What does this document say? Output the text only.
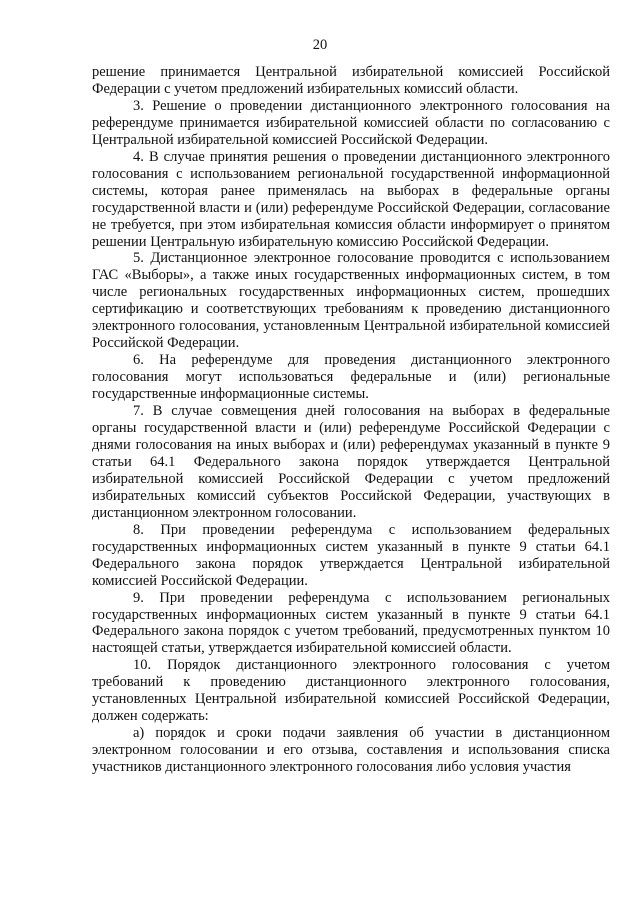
20

решение принимается Центральной избирательной комиссией Российской Федерации с учетом предложений избирательных комиссий области.

3. Решение о проведении дистанционного электронного голосования на референдуме принимается избирательной комиссией области по согласованию с Центральной избирательной комиссией Российской Федерации.

4. В случае принятия решения о проведении дистанционного электронного голосования с использованием региональной государственной информационной системы, которая ранее применялась на выборах в федеральные органы государственной власти и (или) референдуме Российской Федерации, согласование не требуется, при этом избирательная комиссия области информирует о принятом решении Центральную избирательную комиссию Российской Федерации.

5. Дистанционное электронное голосование проводится с использованием ГАС «Выборы», а также иных государственных информационных систем, в том числе региональных государственных информационных систем, прошедших сертификацию и соответствующих требованиям к проведению дистанционного электронного голосования, установленным Центральной избирательной комиссией Российской Федерации.

6. На референдуме для проведения дистанционного электронного голосования могут использоваться федеральные и (или) региональные государственные информационные системы.

7. В случае совмещения дней голосования на выборах в федеральные органы государственной власти и (или) референдуме Российской Федерации с днями голосования на иных выборах и (или) референдумах указанный в пункте 9 статьи 64.1 Федерального закона порядок утверждается Центральной избирательной комиссией Российской Федерации с учетом предложений избирательных комиссий субъектов Российской Федерации, участвующих в дистанционном электронном голосовании.

8. При проведении референдума с использованием федеральных государственных информационных систем указанный в пункте 9 статьи 64.1 Федерального закона порядок утверждается Центральной избирательной комиссией Российской Федерации.

9. При проведении референдума с использованием региональных государственных информационных систем указанный в пункте 9 статьи 64.1 Федерального закона порядок с учетом требований, предусмотренных пунктом 10 настоящей статьи, утверждается избирательной комиссией области.

10. Порядок дистанционного электронного голосования с учетом требований к проведению дистанционного электронного голосования, установленных Центральной избирательной комиссией Российской Федерации, должен содержать:

а) порядок и сроки подачи заявления об участии в дистанционном электронном голосовании и его отзыва, составления и использования списка участников дистанционного электронного голосования либо условия участия
